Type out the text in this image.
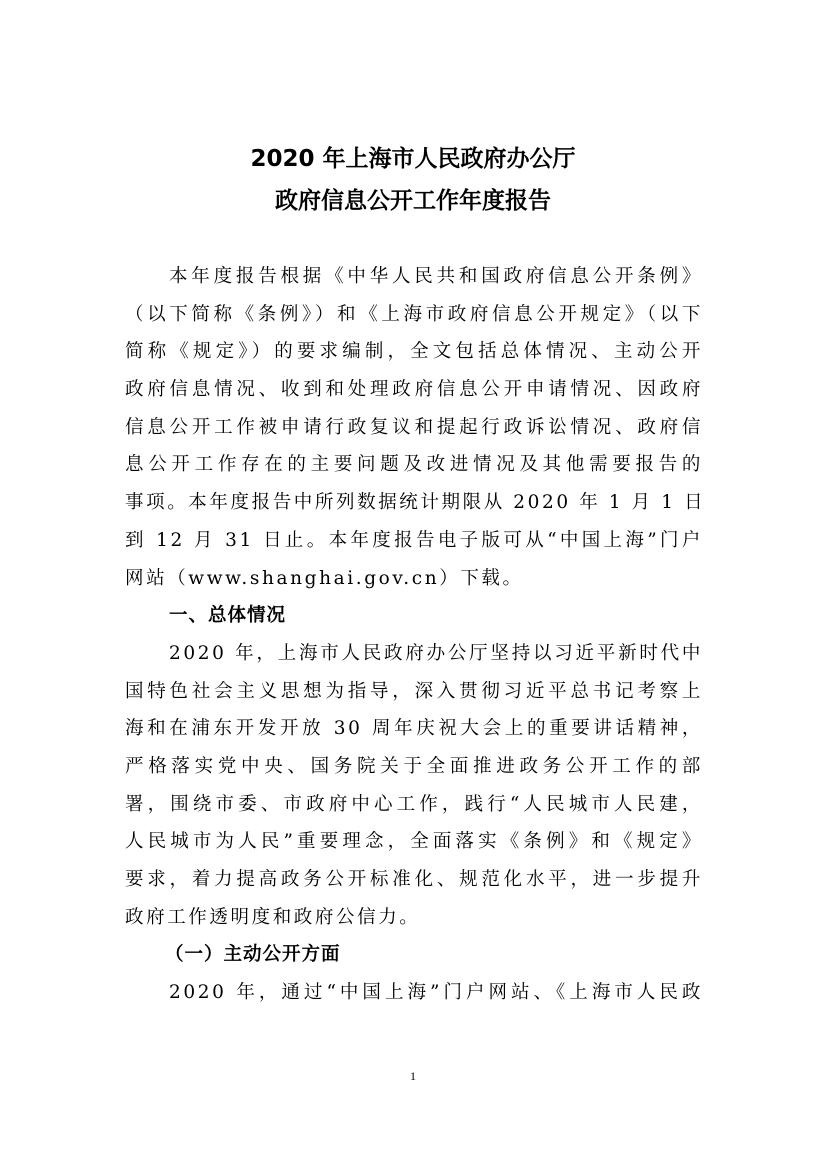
2020 年上海市人民政府办公厅
政府信息公开工作年度报告
本年度报告根据《中华人民共和国政府信息公开条例》
（以下简称《条例》）和《上海市政府信息公开规定》（以下
简称《规定》）的要求编制，全文包括总体情况、主动公开
政府信息情况、收到和处理政府信息公开申请情况、因政府
信息公开工作被申请行政复议和提起行政诉讼情况、政府信
息公开工作存在的主要问题及改进情况及其他需要报告的
事项。本年度报告中所列数据统计期限从 2020 年 1 月 1 日
到 12 月 31 日止。本年度报告电子版可从“中国上海”门户
网站（www.shanghai.gov.cn）下载。
一、总体情况
2020 年，上海市人民政府办公厅坚持以习近平新时代中
国特色社会主义思想为指导，深入贯彻习近平总书记考察上
海和在浦东开发开放 30 周年庆祝大会上的重要讲话精神，
严格落实党中央、国务院关于全面推进政务公开工作的部
署，围绕市委、市政府中心工作，践行“人民城市人民建，
人民城市为人民”重要理念，全面落实《条例》和《规定》
要求，着力提高政务公开标准化、规范化水平，进一步提升
政府工作透明度和政府公信力。
（一）主动公开方面
2020 年，通过“中国上海”门户网站、《上海市人民政
1
